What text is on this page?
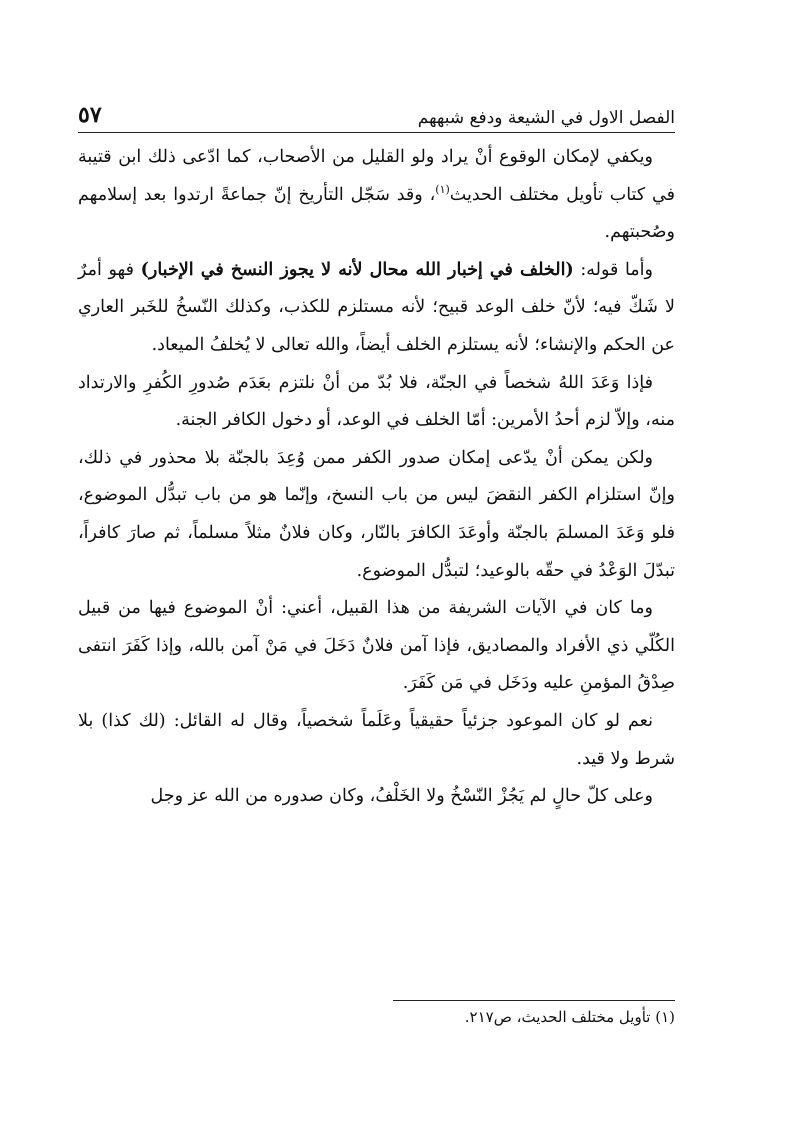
الفصل الاول في الشيعة ودفع شبههم
٥٧

ويكفي لإمكان الوقوع أنْ يراد ولو القليل من الأصحاب، كما ادّعى ذلك ابن قتيبة في كتاب تأويل مختلف الحديث$^{(١)}$، وقد سَجّل التأريخ إنّ جماعةً ارتدوا بعد إسلامهم وصُحبتهم.

وأما قوله: (الخلف في إخبار الله محال لأنه لا يجوز النسخ في الإخبار) فهو أمرٌ لا شَكّ فيه؛ لأنّ خلف الوعد قبيح؛ لأنه مستلزم للكذب، وكذلك النّسخُ للخَبر العاري عن الحكم والإنشاء؛ لأنه يستلزم الخلف أيضاً، والله تعالى لا يُخلفُ الميعاد.

فإذا وَعَدَ اللهُ شخصاً في الجنّة، فلا بُدّ من أنْ نلتزم بعَدَم صُدورِ الكُفرِ والارتداد منه، وإلاّ لزم أحدُ الأمرين: أمّا الخلف في الوعد، أو دخول الكافر الجنة.

ولكن يمكن أنْ يدّعى إمكان صدور الكفر ممن وُعِدَ بالجنّة بلا محذور في ذلك، وإنّ استلزام الكفر النقضَ ليس من باب النسخ، وإنّما هو من باب تبدُّل الموضوع، فلو وَعَدَ المسلمَ بالجنّة وأوعَدَ الكافرَ بالنّار، وكان فلانٌ مثلاً مسلماً، ثم صارَ كافراً، تبدّلَ الوَعْدُ في حقّه بالوعيد؛ لتبدُّل الموضوع.

وما كان في الآيات الشريفة من هذا القبيل، أعني: أنْ الموضوع فيها من قبيل الكُلّي ذي الأفراد والمصاديق، فإذا آمن فلانٌ دَخَلَ في مَنْ آمن بالله، وإذا كَفَرَ انتفى صِدْقُ المؤمنِ عليه ودَخَل في مَن كَفَرَ.

نعم لو كان الموعود جزئياً حقيقياً وعَلَماً شخصياً، وقال له القائل: (لك كذا) بلا شرط ولا قيد.

وعلى كلّ حالٍ لم يَجُزْ النّسْخُ ولا الخَلْفُ، وكان صدوره من الله عز وجل

(١) تأويل مختلف الحديث، ص٢١٧.
